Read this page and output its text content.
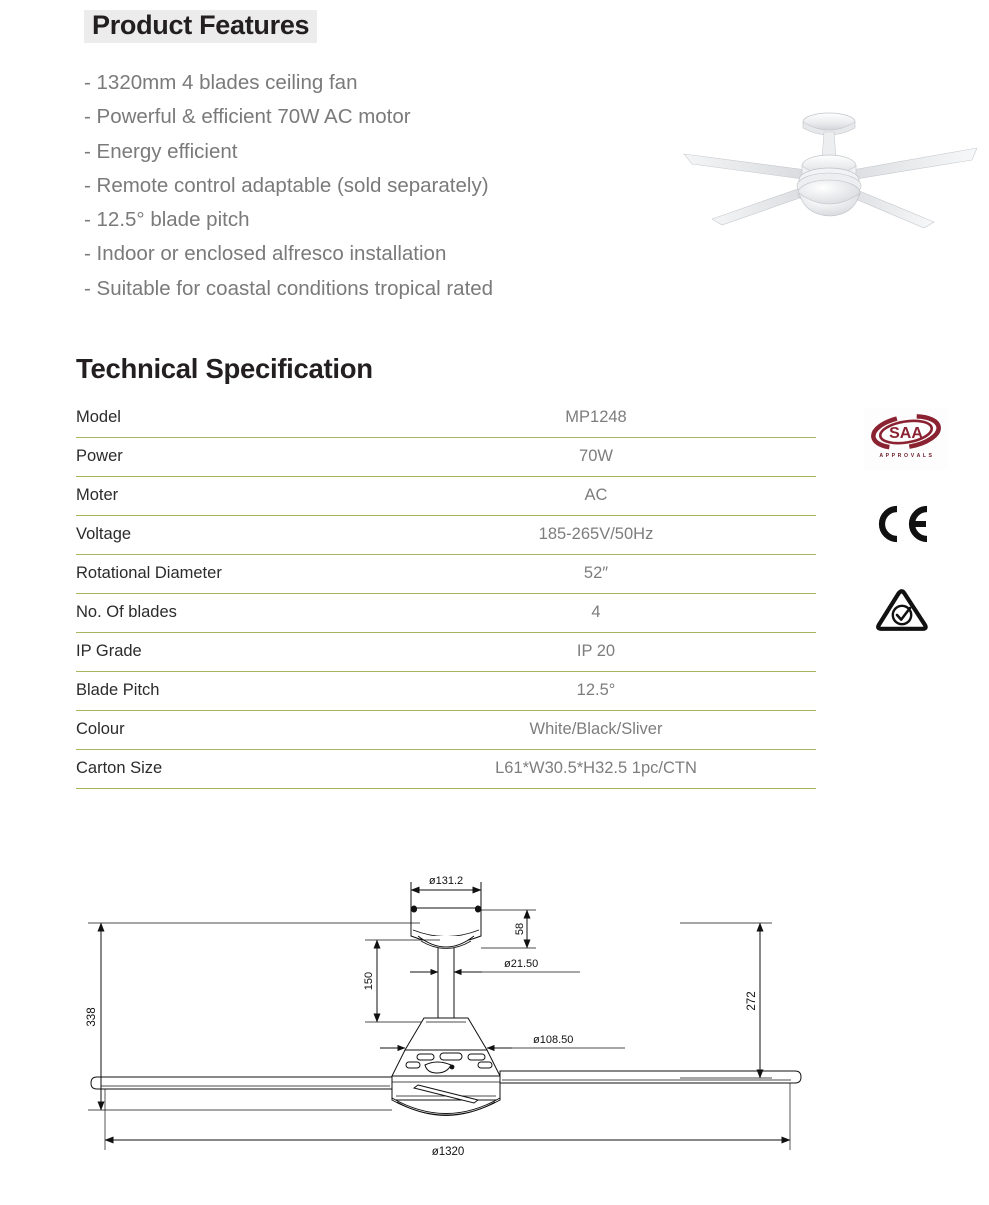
Product Features
- 1320mm 4 blades ceiling fan
- Powerful & efficient 70W AC motor
- Energy efficient
- Remote control adaptable (sold separately)
- 12.5° blade pitch
- Indoor or enclosed alfresco installation
- Suitable for coastal conditions tropical rated
Technical Specification
Model	MP1248
Power	70W
Moter	AC
Voltage	185-265V/50Hz
Rotational Diameter	52″
No. Of blades	4
IP Grade	IP 20
Blade Pitch	12.5°
Colour	White/Black/Sliver
Carton Size	L61*W30.5*H32.5 1pc/CTN
SAA
A P P R O V A L S
ø131.2
58
ø21.50
150
ø108.50
338
272
ø1320
